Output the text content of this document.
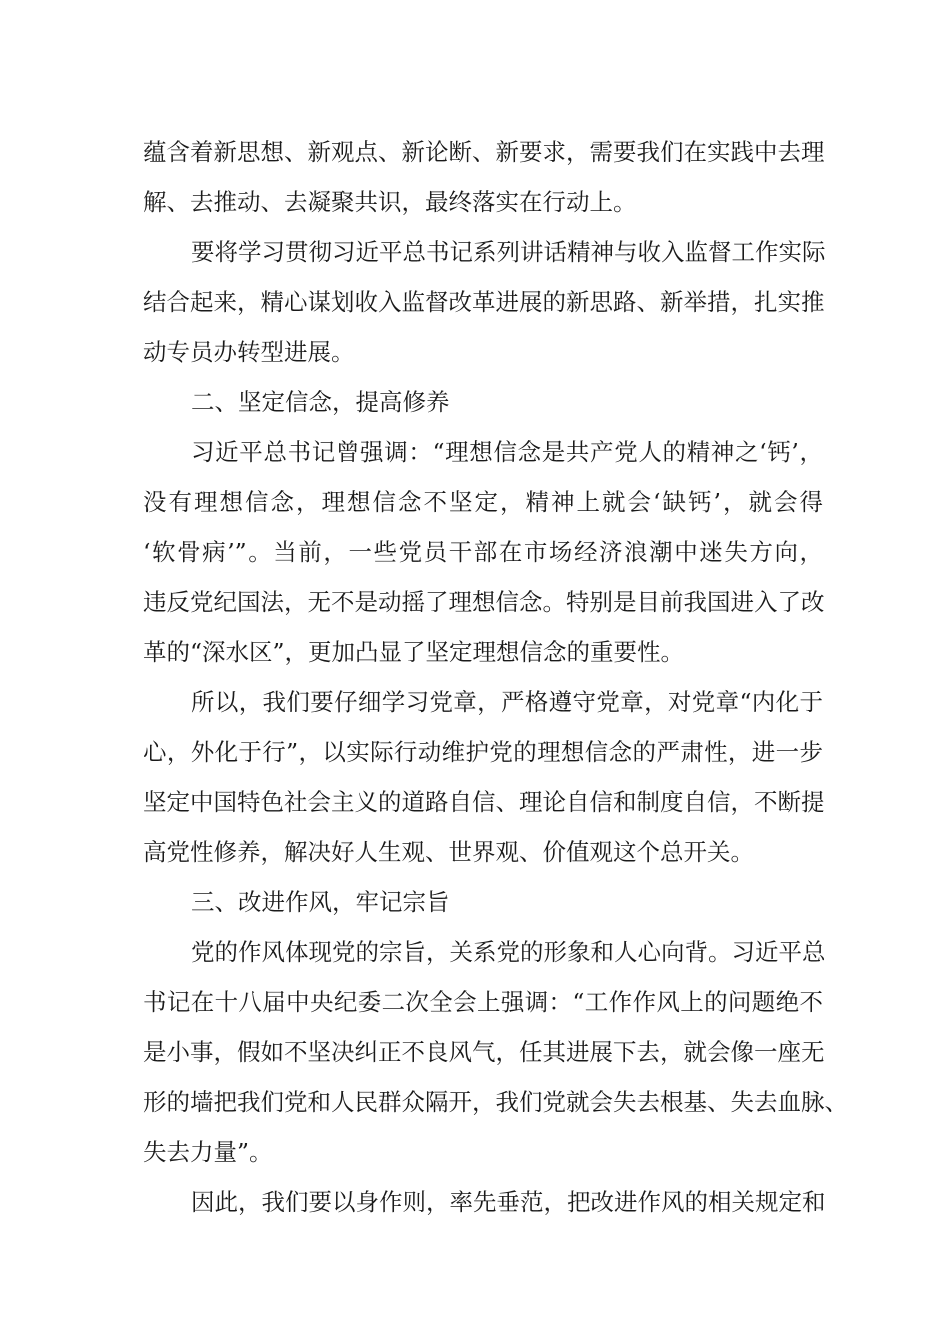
蕴含着新思想、新观点、新论断、新要求，需要我们在实践中去理
解、去推动、去凝聚共识，最终落实在行动上。
要将学习贯彻习近平总书记系列讲话精神与收入监督工作实际
结合起来，精心谋划收入监督改革进展的新思路、新举措，扎实推
动专员办转型进展。
二、坚定信念，提高修养
习近平总书记曾强调：“理想信念是共产党人的精神之‘钙’，
没有理想信念，理想信念不坚定，精神上就会‘缺钙’，就会得
‘软骨病’”。当前，一些党员干部在市场经济浪潮中迷失方向，
违反党纪国法，无不是动摇了理想信念。特别是目前我国进入了改
革的“深水区”，更加凸显了坚定理想信念的重要性。
所以，我们要仔细学习党章，严格遵守党章，对党章“内化于
心，外化于行”，以实际行动维护党的理想信念的严肃性，进一步
坚定中国特色社会主义的道路自信、理论自信和制度自信，不断提
高党性修养，解决好人生观、世界观、价值观这个总开关。
三、改进作风，牢记宗旨
党的作风体现党的宗旨，关系党的形象和人心向背。习近平总
书记在十八届中央纪委二次全会上强调：“工作作风上的问题绝不
是小事，假如不坚决纠正不良风气，任其进展下去，就会像一座无
形的墙把我们党和人民群众隔开，我们党就会失去根基、失去血脉、
失去力量”。
因此，我们要以身作则，率先垂范，把改进作风的相关规定和
